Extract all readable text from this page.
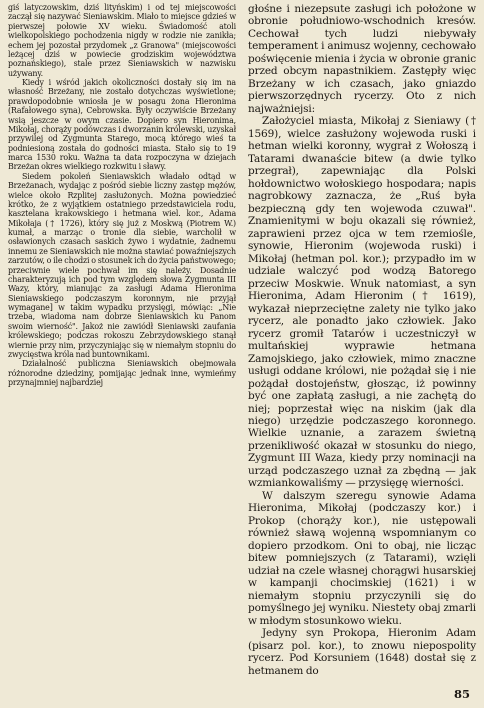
giś latyczowskim, dziś lityńskim) i od tej miejscowości zaczął się nazywać Sieniawskim. Miało to miejsce gdzieś w pierwszej połowie XV wieku. Świadomość atoli wielkopolskiego pochodzenia nigdy w rodzie nie zanikła; echem jej pozostał przydomek „z Granowa" (miejscowości leżącej dziś w powiecie grodziskim województwa poznańskiego), stale przez Sieniawskich w nazwisku używany.

Kiedy i wśród jakich okoliczności dostały się im na własność Brzeżany, nie zostało dotychczas wyświetlone; prawdopodobnie wniosła je w posagu żona Hieronima (Rafałowego syna), Cebrowska. Były oczywiście Brzeżany wsią jeszcze w owym czasie. Dopiero syn Hieronima, Mikołaj, chorąży podówczas i dworzanin królewski, uzyskał przywilej od Zygmunta Starego, mocą którego wieś ta podniesioną została do godności miasta. Stało się to 19 marca 1530 roku. Ważna ta data rozpoczyna w dziejach Brzeżan okres wielkiego rozkwitu i sławy.

Siedem pokoleń Sieniawskich władało odtąd w Brzeżanach, wydając z pośród siebie liczny zastęp mężów, wielce około Rzplitej zasłużonych. Można powiedzieć krótko, że z wyjątkiem ostatniego przedstawiciela rodu, kasztelana krakowskiego i hetmana wiel. kor., Adama Mikołaja († 1726), który się już z Moskwą (Piotrem W.) kumał, a marząc o tronie dla siebie, warcholił w osławionych czasach saskich żywo i wydatnie, żadnemu innemu ze Sieniawskich nie można stawiać powaźniejszych zarzutów, o ile chodzi o stosunek ich do życia państwowego; przeciwnie wiele pochwał im się należy. Dosadnie charakteryzują ich pod tym względem słowa Zygmunta III Wazy, który, mianując za zasługi Adama Hieronima Sieniawskiego podczaszym koronnym, nie przyjął wymagane] w takim wypadku przysięgi, mówiąc: „Nie trzeba, wiadoma nam dobrze Sieniawskich ku Panom swoim wierność". Jakoż nie zawiódł Sieniawski zaufania królewskiego; podczas rokoszu Zebrzydowskiego stanął wiernie przy nim, przyczyniając się w niemałym stopniu do zwycięstwa króla nad buntownikami.

Działalność publiczna Sieniawskich obejmowała różnorodne dziedziny, pomijając jednak inne, wymieńmy przynajmniej najbardziej

głośne i niezepsute zasługi ich położone w obronie południowo-wschodnich kresów. Cechował tych ludzi niebywały temperament i animusz wojenny, cechowało poświęcenie mienia i życia w obronie granic przed obcym napastnikiem. Zastępły więc Brzeżany w ich czasach, jako gniazdo pierwszorzędnych rycerzy. Oto z nich najważniejsi:

Założyciel miasta, Mikołaj z Sieniawy († 1569), wielce zasłużony wojewoda ruski i hetman wielki koronny, wygrał z Wołoszą i Tatarami dwanaście bitew (a dwie tylko przegrał), zapewniając dla Polski hołdownictwo wołoskiego hospodara; napis nagrobkowy zaznacza, że „Ruś była bezpieczną gdy ten wojewoda czuwał". Znamienitymi w boju okazali się również, zaprawieni przez ojca w tem rzemiośle, synowie, Hieronim (wojewoda ruski) i Mikołaj (hetman pol. kor.); przypadło im w udziale walczyć pod wodzą Batorego przeciw Moskwie. Wnuk natomiast, a syn Hieronima, Adam Hieronim († 1619), wykazał nieprzeciętne zalety nie tylko jako rycerz, ale ponadto jako człowiek. Jako rycerz gromił Tatarów i uczestniczył w multańskiej wyprawie hetmana Zamojskiego, jako człowiek, mimo znaczne usługi oddane królowi, nie pożądał się i nie pożądał dostojeństw, głosząc, iż powinny być one zapłatą zasługi, a nie zachętą do niej; poprzestał więc na niskim (jak dla niego) urzędzie podczaszego koronnego. Wielkie uznanie, a zarazem świetną przenikliwość okazał w stosunku do niego, Zygmunt III Waza, kiedy przy nominacji na urząd podczaszego uznał za zbędną — jak wzmiankowaliśmy — przysięgę wierności.

W dalszym szeregu synowie Adama Hieronima, Mikołaj (podczaszy kor.) i Prokop (chorąży kor.), nie ustępowali również sławą wojenną wspomnianym co dopiero przodkom. Oni to obaj, nie licząc bitew pomniejszych (z Tatarami), wzięli udział na czele własnej chorągwi husarskiej w kampanji chocimskiej (1621) i w niemałym stopniu przyczynili się do pomyślnego jej wyniku. Niestety obaj zmarli w młodym stosunkowo wieku.

Jedyny syn Prokopa, Hieronim Adam (pisarz pol. kor.), to znowu niepospolity rycerz. Pod Korsuniem (1648) dostał się z hetmanem do

85
